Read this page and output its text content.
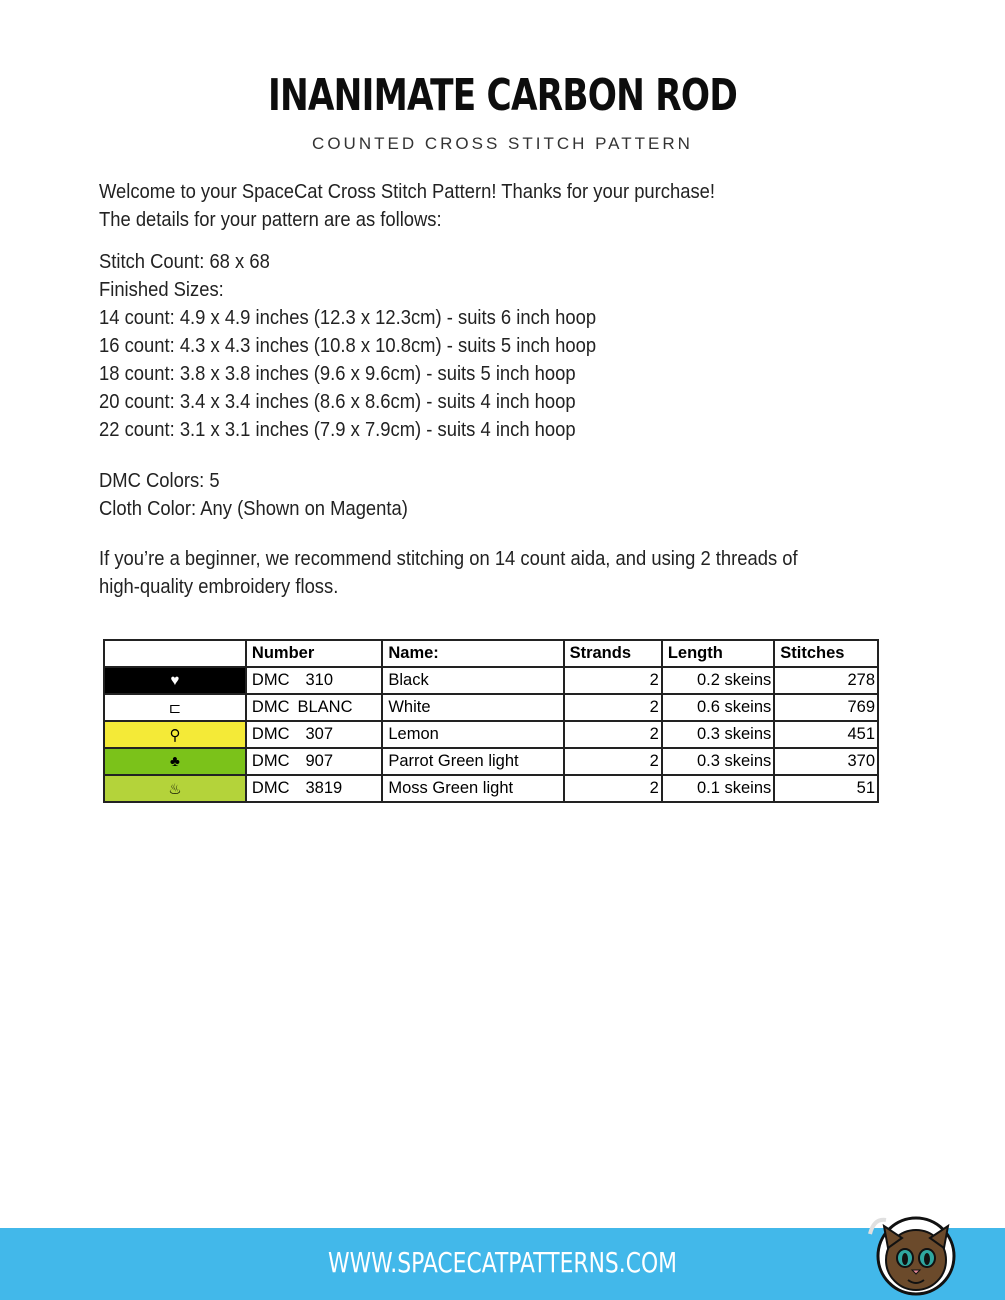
INANIMATE CARBON ROD
COUNTED CROSS STITCH PATTERN
Welcome to your SpaceCat Cross Stitch Pattern! Thanks for your purchase!
The details for your pattern are as follows:
Stitch Count: 68 x 68
Finished Sizes:
14 count: 4.9 x 4.9 inches (12.3 x 12.3cm) - suits 6 inch hoop
16 count: 4.3 x 4.3 inches (10.8 x 10.8cm) - suits 5 inch hoop
18 count: 3.8 x 3.8 inches (9.6 x 9.6cm) - suits 5 inch hoop
20 count: 3.4 x 3.4 inches (8.6 x 8.6cm) - suits 4 inch hoop
22 count: 3.1 x 3.1 inches (7.9 x 7.9cm) - suits 4 inch hoop
DMC Colors: 5
Cloth Color: Any (Shown on Magenta)
If you’re a beginner, we recommend stitching on 14 count aida, and using 2 threads of high-quality embroidery floss.
	Number	Name:	Strands	Length	Stitches
♥	DMC 310	Black	2	0.2 skeins	278
⊏	DMC BLANC	White	2	0.6 skeins	769
⚲	DMC 307	Lemon	2	0.3 skeins	451
♣	DMC 907	Parrot Green light	2	0.3 skeins	370
♨	DMC 3819	Moss Green light	2	0.1 skeins	51
WWW.SPACECATPATTERNS.COM
